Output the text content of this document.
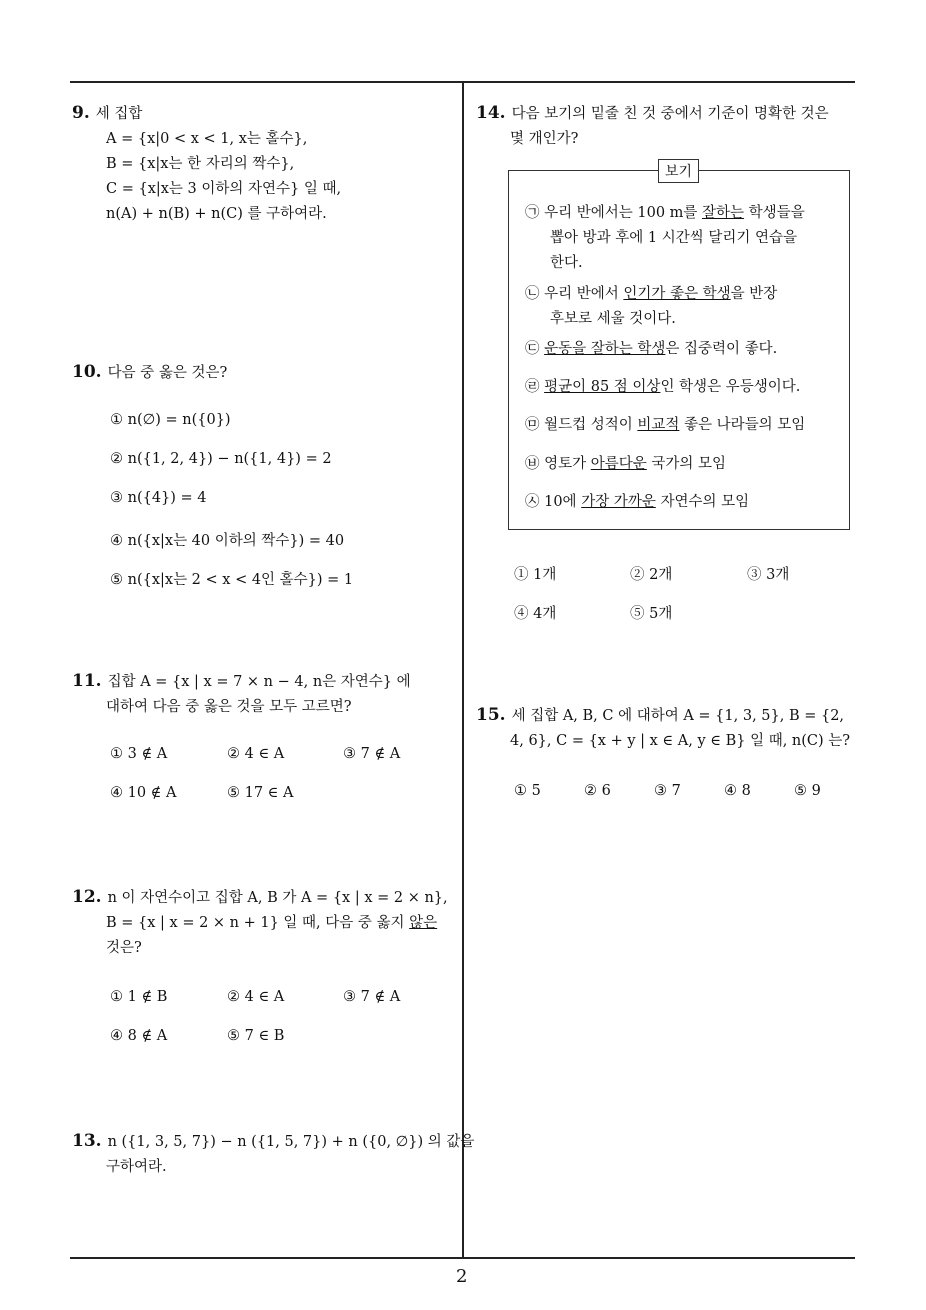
9. 세 집합
A = {x|0 < x < 1, x는 홀수},
B = {x|x는 한 자리의 짝수},
C = {x|x는 3 이하의 자연수} 일 때,
n(A) + n(B) + n(C) 를 구하여라.
10. 다음 중 옳은 것은?
① n(∅) = n({0})
② n({1, 2, 4}) − n({1, 4}) = 2
③ n({4}) = 4
④ n({x|x는 40 이하의 짝수}) = 40
⑤ n({x|x는 2 < x < 4인 홀수}) = 1
11. 집합 A = {x | x = 7 × n − 4, n은 자연수} 에
대하여 다음 중 옳은 것을 모두 고르면?
① 3 ∉ A	② 4 ∈ A	③ 7 ∉ A
④ 10 ∉ A	⑤ 17 ∈ A
12. n 이 자연수이고 집합 A, B 가 A = {x | x = 2 × n},
B = {x | x = 2 × n + 1} 일 때, 다음 중 옳지 않은
것은?
① 1 ∉ B	② 4 ∈ A	③ 7 ∉ A
④ 8 ∉ A	⑤ 7 ∈ B
13. n ({1, 3, 5, 7}) − n ({1, 5, 7}) + n ({0, ∅}) 의 값을
구하여라.
14. 다음 보기의 밑줄 친 것 중에서 기준이 명확한 것은
몇 개인가?
보기
㉠ 우리 반에서는 100 m를 잘하는 학생들을
뽑아 방과 후에 1 시간씩 달리기 연습을
한다.
㉡ 우리 반에서 인기가 좋은 학생을 반장
후보로 세울 것이다.
㉢ 운동을 잘하는 학생은 집중력이 좋다.
㉣ 평균이 85 점 이상인 학생은 우등생이다.
㉤ 월드컵 성적이 비교적 좋은 나라들의 모임
㉥ 영토가 아름다운 국가의 모임
㉦ 10에 가장 가까운 자연수의 모임
① 1개	② 2개	③ 3개
④ 4개	⑤ 5개
15. 세 집합 A, B, C 에 대하여 A = {1, 3, 5}, B = {2,
4, 6}, C = {x + y | x ∈ A, y ∈ B} 일 때, n(C) 는?
① 5	② 6	③ 7	④ 8	⑤ 9
2
